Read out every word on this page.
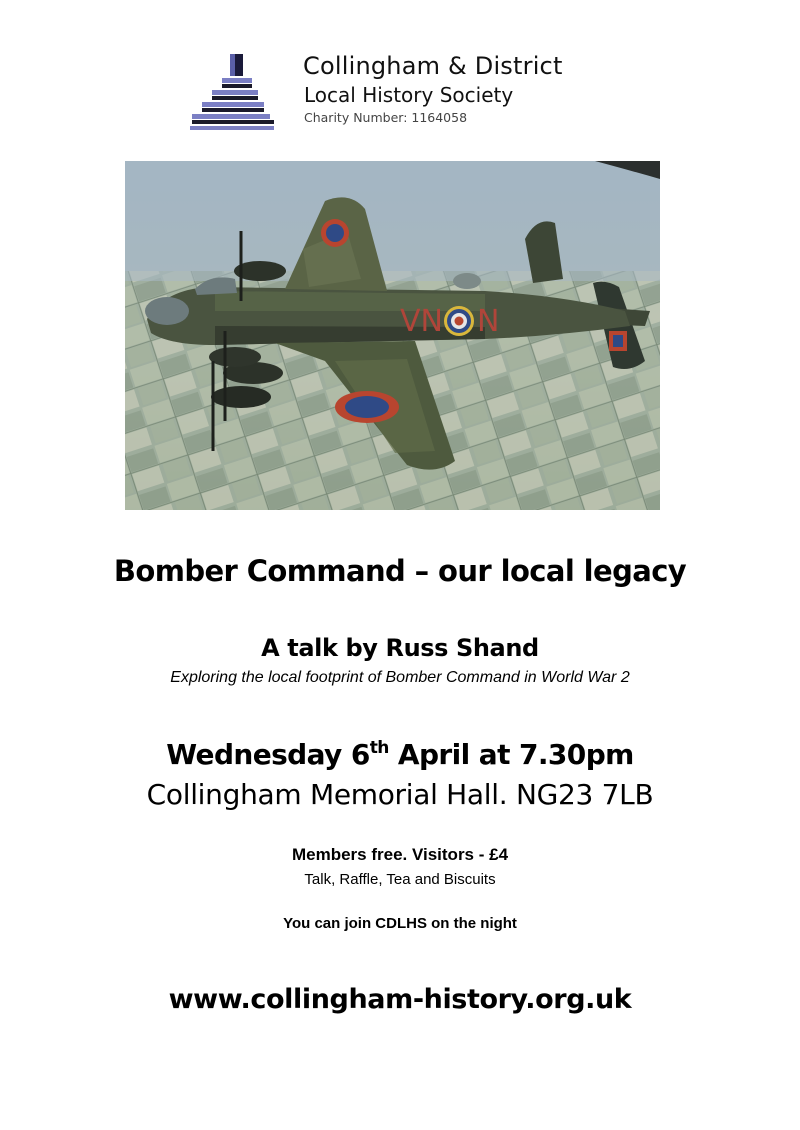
Collingham & District
Local History Society
Charity Number: 1164058
VN N
Bomber Command – our local legacy
A talk by Russ Shand
Exploring the local footprint of Bomber Command in World War 2
Wednesday 6th April at 7.30pm
Collingham Memorial Hall. NG23 7LB
Members free. Visitors - £4
Talk, Raffle, Tea and Biscuits
You can join CDLHS on the night
www.collingham-history.org.uk
